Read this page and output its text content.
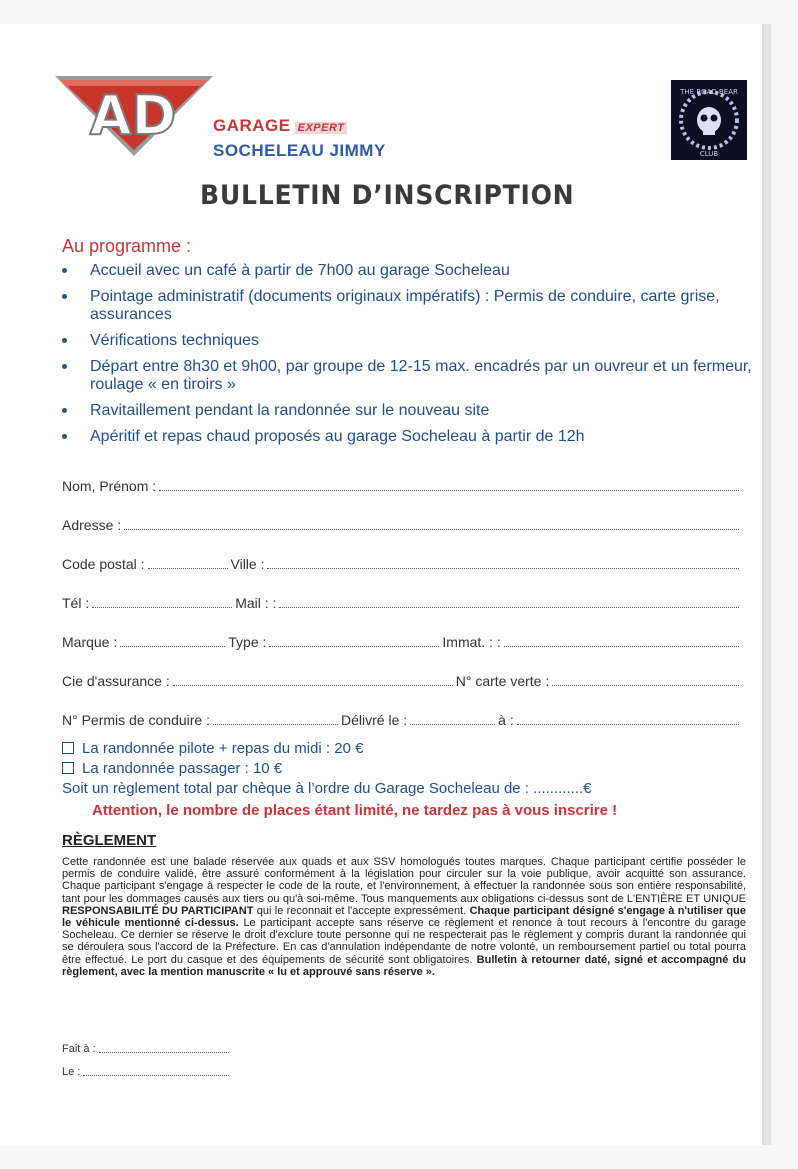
AD GARAGE EXPERT
SOCHELEAU JIMMY
THE ROAD BEAR
CLUB
BULLETIN D’INSCRIPTION
Au programme :
Accueil avec un café à partir de 7h00 au garage Socheleau
Pointage administratif (documents originaux impératifs) : Permis de conduire, carte grise, assurances
Vérifications techniques
Départ entre 8h30 et 9h00, par groupe de 12-15 max. encadrés par un ouvreur et un fermeur, roulage « en tiroirs »
Ravitaillement pendant la randonnée sur le nouveau site
Apéritif et repas chaud proposés au garage Socheleau à partir de 12h
Nom, Prénom :
Adresse :
Code postal :	Ville :
Tél :	Mail : :
Marque :	Type :	Immat. : :
Cie d'assurance :	N° carte verte :
N° Permis de conduire :	Délivré le :	à :
La randonnée pilote + repas du midi : 20 €
La randonnée passager : 10 €
Soit un règlement total par chèque à l’ordre du Garage Socheleau de : ............€
Attention, le nombre de places étant limité, ne tardez pas à vous inscrire !
RÈGLEMENT
Cette randonnée est une balade réservée aux quads et aux SSV homologués toutes marques. Chaque participant certifie posséder le permis de conduire validé, être assuré conformément à la législation pour circuler sur la voie publique, avoir acquitté son assurance. Chaque participant s'engage à respecter le code de la route, et l'environnement, à effectuer la randonnée sous son entière responsabilité, tant pour les dommages causés aux tiers ou qu'à soi-même. Tous manquements aux obligations ci-dessus sont de L'ENTIÈRE ET UNIQUE RESPONSABILITÉ DU PARTICIPANT qui le reconnait et l'accepte expressément. Chaque participant désigné s'engage à n'utiliser que le véhicule mentionné ci-dessus. Le participant accepte sans réserve ce règlement et renonce à tout recours à l'encontre du garage Socheleau. Ce dernier se réserve le droit d'exclure toute personne qui ne respecterait pas le règlement y compris durant la randonnée qui se déroulera sous l'accord de la Préfecture. En cas d'annulation indépendante de notre volonté, un remboursement partiel ou total pourra être effectué. Le port du casque et des équipements de sécurité sont obligatoires. Bulletin à retourner daté, signé et accompagné du règlement, avec la mention manuscrite « lu et approuvé sans réserve ».
Fait à :
Le :
